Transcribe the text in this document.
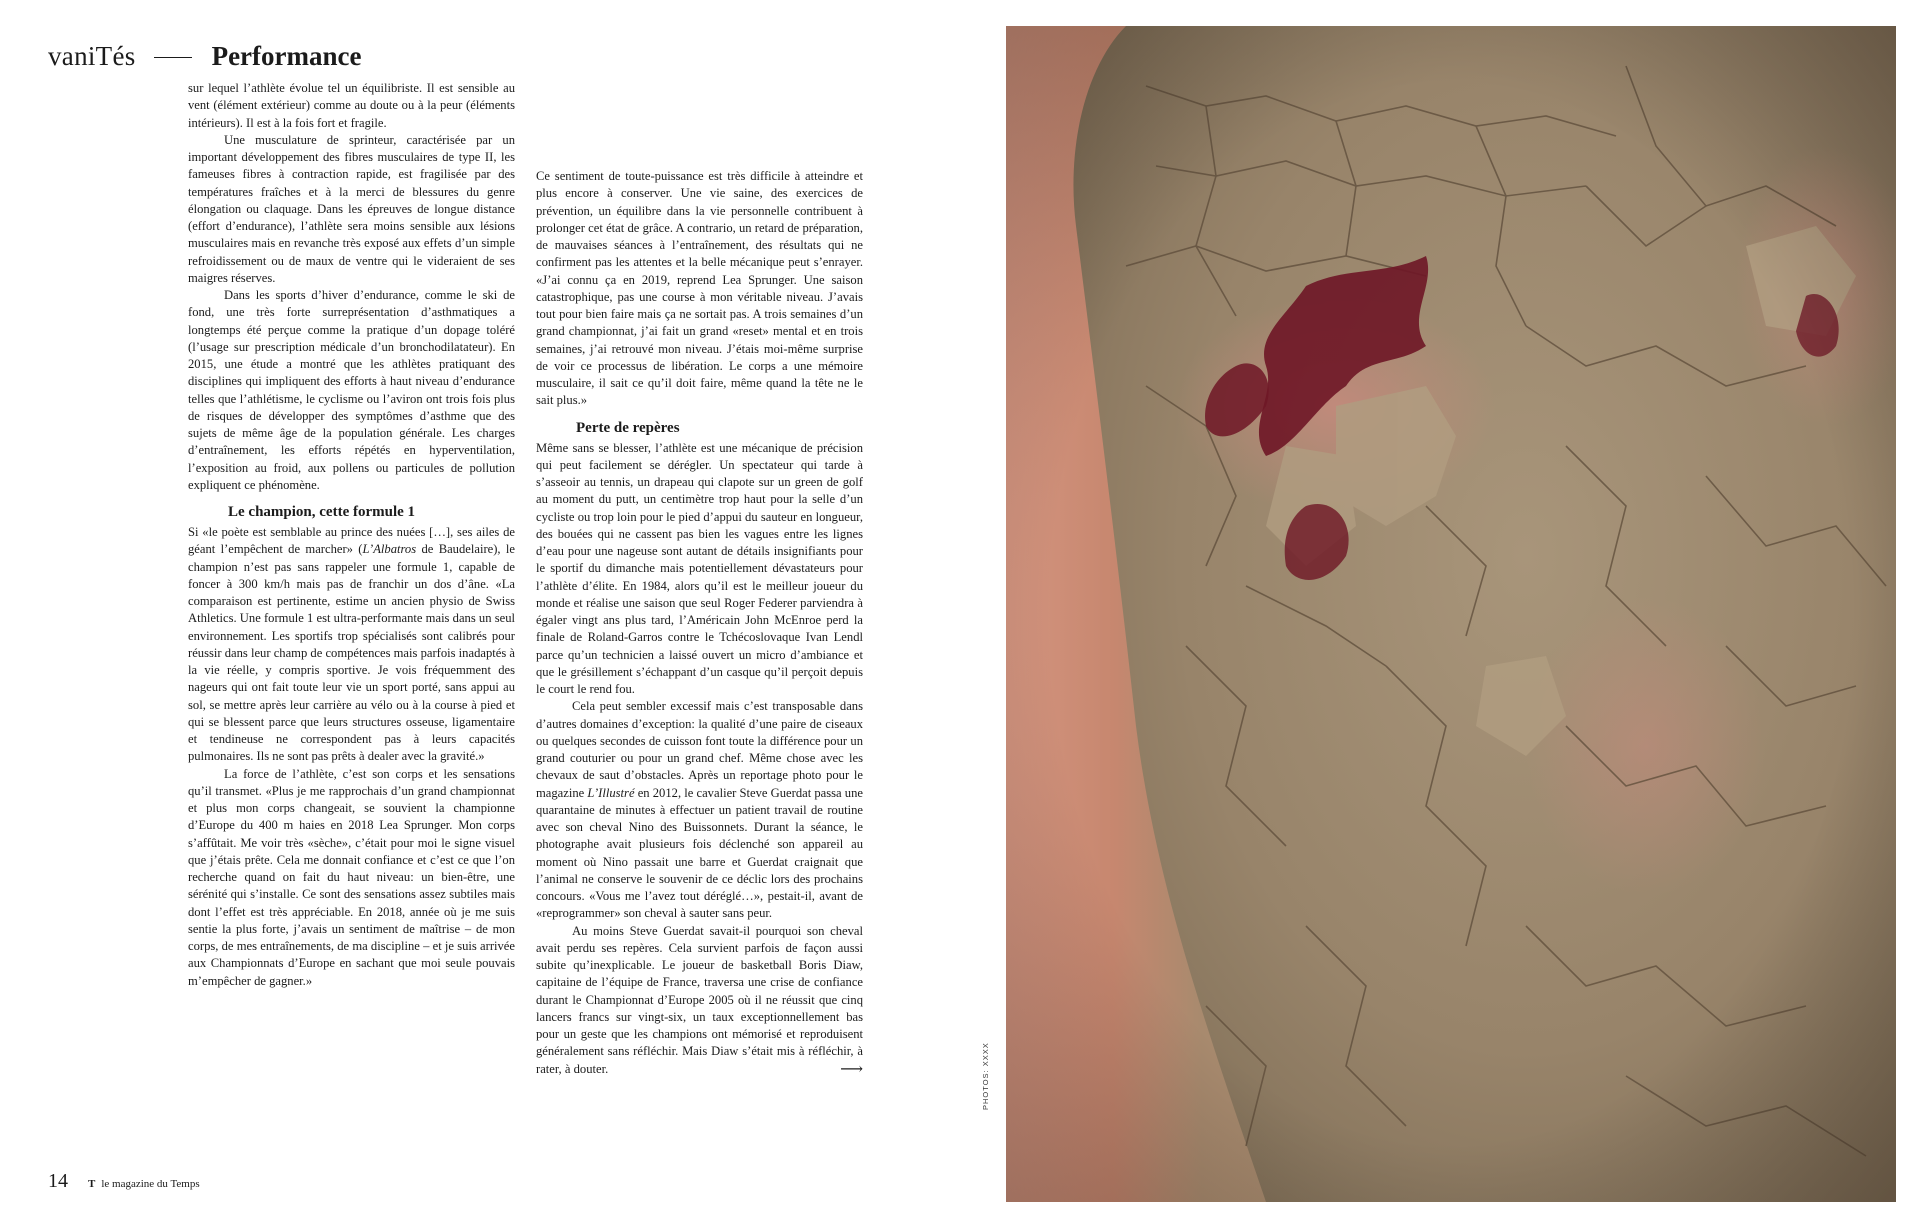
vaniTés	Performance

sur lequel l’athlète évolue tel un équilibriste. Il est sensible au vent (élément extérieur) comme au doute ou à la peur (éléments intérieurs). Il est à la fois fort et fragile.

Une musculature de sprinteur, caractérisée par un important développement des fibres musculaires de type II, les fameuses fibres à contraction rapide, est fragilisée par des températures fraîches et à la merci de blessures du genre élongation ou claquage. Dans les épreuves de longue distance (effort d’endurance), l’athlète sera moins sensible aux lésions musculaires mais en revanche très exposé aux effets d’un simple refroidissement ou de maux de ventre qui le videraient de ses maigres réserves.

Dans les sports d’hiver d’endurance, comme le ski de fond, une très forte surreprésentation d’asthmatiques a longtemps été perçue comme la pratique d’un dopage toléré (l’usage sur prescription médicale d’un bronchodilatateur). En 2015, une étude a montré que les athlètes pratiquant des disciplines qui impliquent des efforts à haut niveau d’endurance telles que l’athlétisme, le cyclisme ou l’aviron ont trois fois plus de risques de développer des symptômes d’asthme que des sujets de même âge de la population générale. Les charges d’entraînement, les efforts répétés en hyperventilation, l’exposition au froid, aux pollens ou particules de pollution expliquent ce phénomène.

Le champion, cette formule 1

Si «le poète est semblable au prince des nuées […], ses ailes de géant l’empêchent de marcher» (L’Albatros de Baudelaire), le champion n’est pas sans rappeler une formule 1, capable de foncer à 300 km/h mais pas de franchir un dos d’âne. «La comparaison est pertinente, estime un ancien physio de Swiss Athletics. Une formule 1 est ultra-performante mais dans un seul environnement. Les sportifs trop spécialisés sont calibrés pour réussir dans leur champ de compétences mais parfois inadaptés à la vie réelle, y compris sportive. Je vois fréquemment des nageurs qui ont fait toute leur vie un sport porté, sans appui au sol, se mettre après leur carrière au vélo ou à la course à pied et qui se blessent parce que leurs structures osseuse, ligamentaire et tendineuse ne correspondent pas à leurs capacités pulmonaires. Ils ne sont pas prêts à dealer avec la gravité.»

La force de l’athlète, c’est son corps et les sensations qu’il transmet. «Plus je me rapprochais d’un grand championnat et plus mon corps changeait, se souvient la championne d’Europe du 400 m haies en 2018 Lea Sprunger. Mon corps s’affûtait. Me voir très «sèche», c’était pour moi le signe visuel que j’étais prête. Cela me donnait confiance et c’est ce que l’on recherche quand on fait du haut niveau: un bien-être, une sérénité qui s’installe. Ce sont des sensations assez subtiles mais dont l’effet est très appréciable. En 2018, année où je me suis sentie la plus forte, j’avais un sentiment de maîtrise – de mon corps, de mes entraînements, de ma discipline – et je suis arrivée aux Championnats d’Europe en sachant que moi seule pouvais m’empêcher de gagner.»

Ce sentiment de toute-puissance est très difficile à atteindre et plus encore à conserver. Une vie saine, des exercices de prévention, un équilibre dans la vie personnelle contribuent à prolonger cet état de grâce. A contrario, un retard de préparation, de mauvaises séances à l’entraînement, des résultats qui ne confirment pas les attentes et la belle mécanique peut s’enrayer. «J’ai connu ça en 2019, reprend Lea Sprunger. Une saison catastrophique, pas une course à mon véritable niveau. J’avais tout pour bien faire mais ça ne sortait pas. A trois semaines d’un grand championnat, j’ai fait un grand «reset» mental et en trois semaines, j’ai retrouvé mon niveau. J’étais moi-même surprise de voir ce processus de libération. Le corps a une mémoire musculaire, il sait ce qu’il doit faire, même quand la tête ne le sait plus.»

Perte de repères

Même sans se blesser, l’athlète est une mécanique de précision qui peut facilement se dérégler. Un spectateur qui tarde à s’asseoir au tennis, un drapeau qui clapote sur un green de golf au moment du putt, un centimètre trop haut pour la selle d’un cycliste ou trop loin pour le pied d’appui du sauteur en longueur, des bouées qui ne cassent pas bien les vagues entre les lignes d’eau pour une nageuse sont autant de détails insignifiants pour le sportif du dimanche mais potentiellement dévastateurs pour l’athlète d’élite. En 1984, alors qu’il est le meilleur joueur du monde et réalise une saison que seul Roger Federer parviendra à égaler vingt ans plus tard, l’Américain John McEnroe perd la finale de Roland-Garros contre le Tchécoslovaque Ivan Lendl parce qu’un technicien a laissé ouvert un micro d’ambiance et que le grésillement s’échappant d’un casque qu’il perçoit depuis le court le rend fou.

Cela peut sembler excessif mais c’est transposable dans d’autres domaines d’exception: la qualité d’une paire de ciseaux ou quelques secondes de cuisson font toute la différence pour un grand couturier ou pour un grand chef. Même chose avec les chevaux de saut d’obstacles. Après un reportage photo pour le magazine L’Illustré en 2012, le cavalier Steve Guerdat passa une quarantaine de minutes à effectuer un patient travail de routine avec son cheval Nino des Buissonnets. Durant la séance, le photographe avait plusieurs fois déclenché son appareil au moment où Nino passait une barre et Guerdat craignait que l’animal ne conserve le souvenir de ce déclic lors des prochains concours. «Vous me l’avez tout déréglé…», pestait-il, avant de «reprogrammer» son cheval à sauter sans peur.

Au moins Steve Guerdat savait-il pourquoi son cheval avait perdu ses repères. Cela survient parfois de façon aussi subite qu’inexplicable. Le joueur de basketball Boris Diaw, capitaine de l’équipe de France, traversa une crise de confiance durant le Championnat d’Europe 2005 où il ne réussit que cinq lancers francs sur vingt-six, un taux exceptionnellement bas pour un geste que les champions ont mémorisé et reproduisent généralement sans réfléchir. Mais Diaw s’était mis à réfléchir, à rater, à douter.	⟶	PHOTOS: XXXX
14 T le magazine du Temps
